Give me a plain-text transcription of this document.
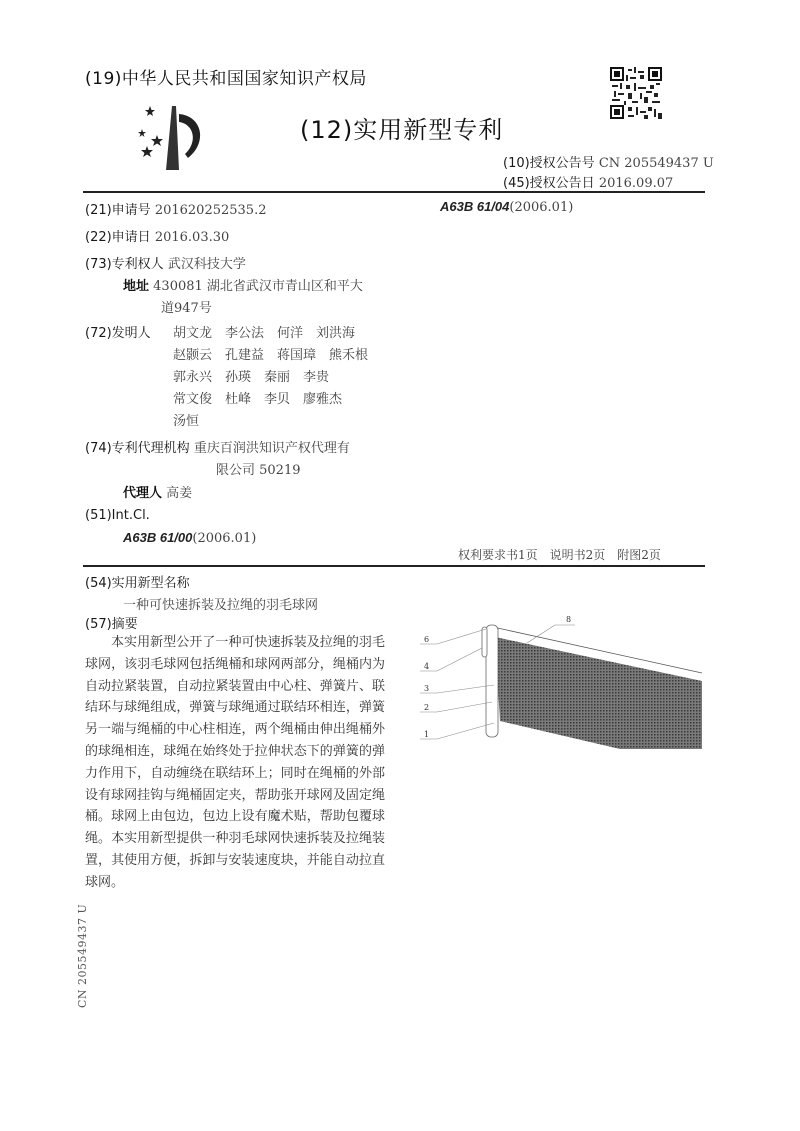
(19)中华人民共和国国家知识产权局
(12)实用新型专利
(10)授权公告号 CN 205549437 U
(45)授权公告日 2016.09.07
(21)申请号 201620252535.2	A63B 61/04(2006.01)
(22)申请日 2016.03.30
(73)专利权人 武汉科技大学
地址 430081 湖北省武汉市青山区和平大
道947号
(72)发明人 胡文龙　李公法　何洋　刘洪海
赵颢云　孔建益　蒋国璋　熊禾根
郭永兴　孙瑛　秦丽　李贵
常文俊　杜峰　李贝　廖雅杰
汤恒
(74)专利代理机构 重庆百润洪知识产权代理有
限公司 50219
代理人 高姜
(51)Int.Cl.
A63B 61/00(2006.01)
权利要求书1页　说明书2页　附图2页
(54)实用新型名称
一种可快速拆装及拉绳的羽毛球网
(57)摘要
本实用新型公开了一种可快速拆装及拉绳的羽毛球网，该羽毛球网包括绳桶和球网两部分，绳桶内为自动拉紧装置，自动拉紧装置由中心柱、弹簧片、联结环与球绳组成，弹簧与球绳通过联结环相连，弹簧另一端与绳桶的中心柱相连，两个绳桶由伸出绳桶外的球绳相连，球绳在始终处于拉伸状态下的弹簧的弹力作用下，自动缠绕在联结环上；同时在绳桶的外部设有球网挂钩与绳桶固定夹，帮助张开球网及固定绳桶。球网上由包边，包边上设有魔术贴，帮助包覆球绳。本实用新型提供一种羽毛球网快速拆装及拉绳装置，其使用方便，拆卸与安装速度块，并能自动拉直球网。
6
4
3
2
1
8
CN 205549437 U
